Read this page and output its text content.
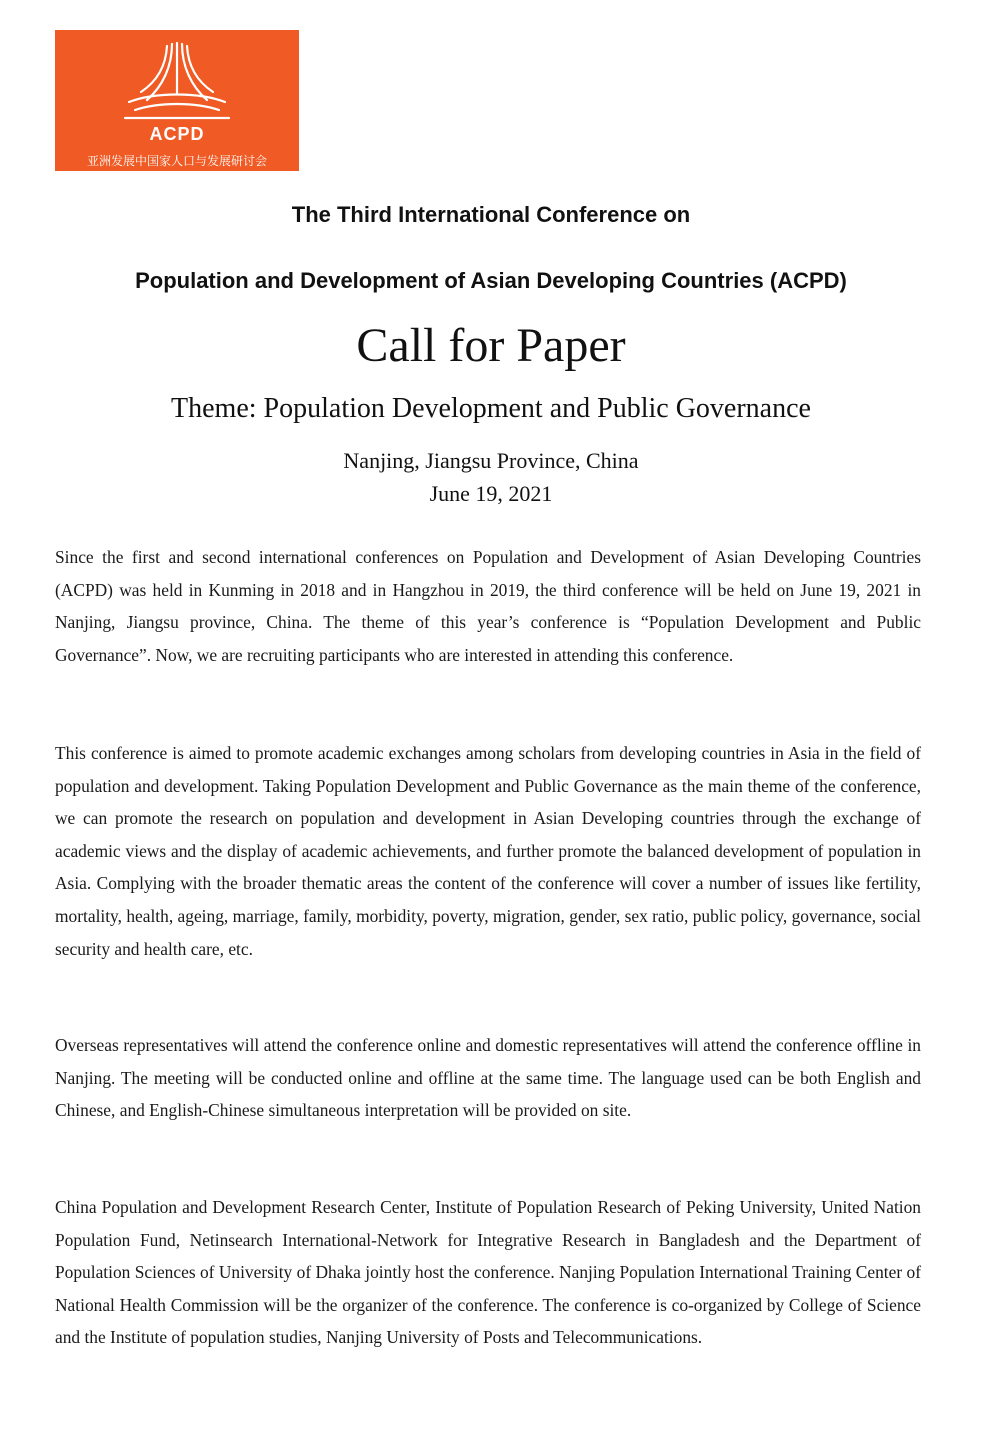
ACPD
亚洲发展中国家人口与发展研讨会
Asian Conference on Population and Development
The Third International Conference on
Population and Development of Asian Developing Countries (ACPD)
Call for Paper
Theme: Population Development and Public Governance
Nanjing, Jiangsu Province, China
June 19, 2021

Since the first and second international conferences on Population and Development of Asian Developing Countries (ACPD) was held in Kunming in 2018 and in Hangzhou in 2019, the third conference will be held on June 19, 2021 in Nanjing, Jiangsu province, China. The theme of this year’s conference is “Population Development and Public Governance”. Now, we are recruiting participants who are interested in attending this conference.

This conference is aimed to promote academic exchanges among scholars from developing countries in Asia in the field of population and development. Taking Population Development and Public Governance as the main theme of the conference, we can promote the research on population and development in Asian Developing countries through the exchange of academic views and the display of academic achievements, and further promote the balanced development of population in Asia. Complying with the broader thematic areas the content of the conference will cover a number of issues like fertility, mortality, health, ageing, marriage, family, morbidity, poverty, migration, gender, sex ratio, public policy, governance, social security and health care, etc.

Overseas representatives will attend the conference online and domestic representatives will attend the conference offline in Nanjing. The meeting will be conducted online and offline at the same time. The language used can be both English and Chinese, and English-Chinese simultaneous interpretation will be provided on site.

China Population and Development Research Center, Institute of Population Research of Peking University, United Nation Population Fund, Netinsearch International-Network for Integrative Research in Bangladesh and the Department of Population Sciences of University of Dhaka jointly host the conference. Nanjing Population International Training Center of National Health Commission will be the organizer of the conference. The conference is co-organized by College of Science and the Institute of population studies, Nanjing University of Posts and Telecommunications.
